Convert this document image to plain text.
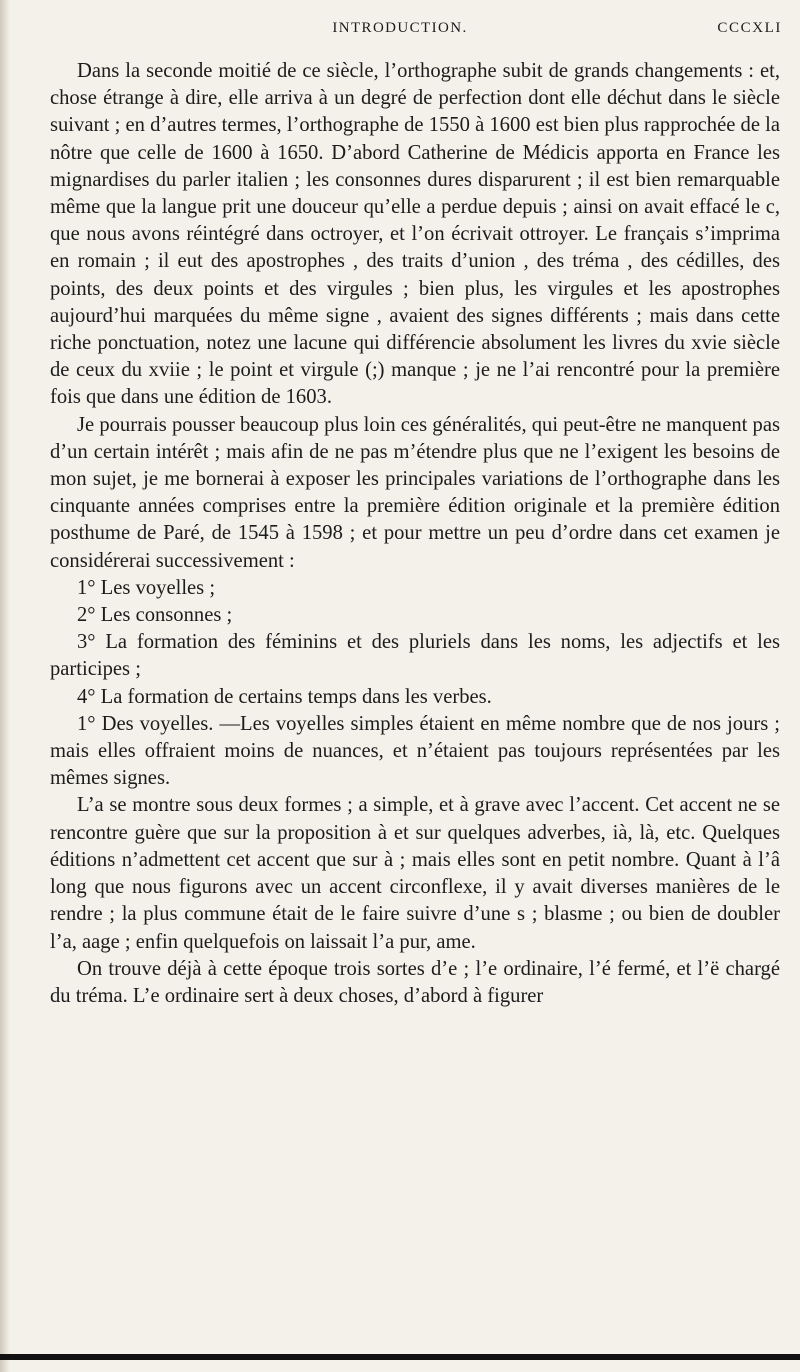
INTRODUCTION.	CCCXLI

Dans la seconde moitié de ce siècle, l’orthographe subit de grands changements : et, chose étrange à dire, elle arriva à un degré de perfection dont elle déchut dans le siècle suivant ; en d’autres termes, l’orthographe de 1550 à 1600 est bien plus rapprochée de la nôtre que celle de 1600 à 1650. D’abord Catherine de Médicis apporta en France les mignardises du parler italien ; les consonnes dures disparurent ; il est bien remarquable même que la langue prit une douceur qu’elle a perdue depuis ; ainsi on avait effacé le c, que nous avons réintégré dans octroyer, et l’on écrivait ottroyer. Le français s’imprima en romain ; il eut des apostrophes , des traits d’union , des tréma , des cédilles, des points, des deux points et des virgules ; bien plus, les virgules et les apostrophes aujourd’hui marquées du même signe , avaient des signes différents ; mais dans cette riche ponctuation, notez une lacune qui différencie absolument les livres du xvie siècle de ceux du xviie ; le point et virgule (;) manque ; je ne l’ai rencontré pour la première fois que dans une édition de 1603.

Je pourrais pousser beaucoup plus loin ces généralités, qui peut-être ne manquent pas d’un certain intérêt ; mais afin de ne pas m’étendre plus que ne l’exigent les besoins de mon sujet, je me bornerai à exposer les principales variations de l’orthographe dans les cinquante années comprises entre la première édition originale et la première édition posthume de Paré, de 1545 à 1598 ; et pour mettre un peu d’ordre dans cet examen je considérerai successivement :

1° Les voyelles ;

2° Les consonnes ;

3° La formation des féminins et des pluriels dans les noms, les adjectifs et les participes ;

4° La formation de certains temps dans les verbes.

1° Des voyelles. —Les voyelles simples étaient en même nombre que de nos jours ; mais elles offraient moins de nuances, et n’étaient pas toujours représentées par les mêmes signes.

L’a se montre sous deux formes ; a simple, et à grave avec l’accent. Cet accent ne se rencontre guère que sur la proposition à et sur quelques adverbes, ià, là, etc. Quelques éditions n’admettent cet accent que sur à ; mais elles sont en petit nombre. Quant à l’â long que nous figurons avec un accent circonflexe, il y avait diverses manières de le rendre ; la plus commune était de le faire suivre d’une s ; blasme ; ou bien de doubler l’a, aage ; enfin quelquefois on laissait l’a pur, ame.

On trouve déjà à cette époque trois sortes d’e ; l’e ordinaire, l’é fermé, et l’ë chargé du tréma. L’e ordinaire sert à deux choses, d’abord à figurer
